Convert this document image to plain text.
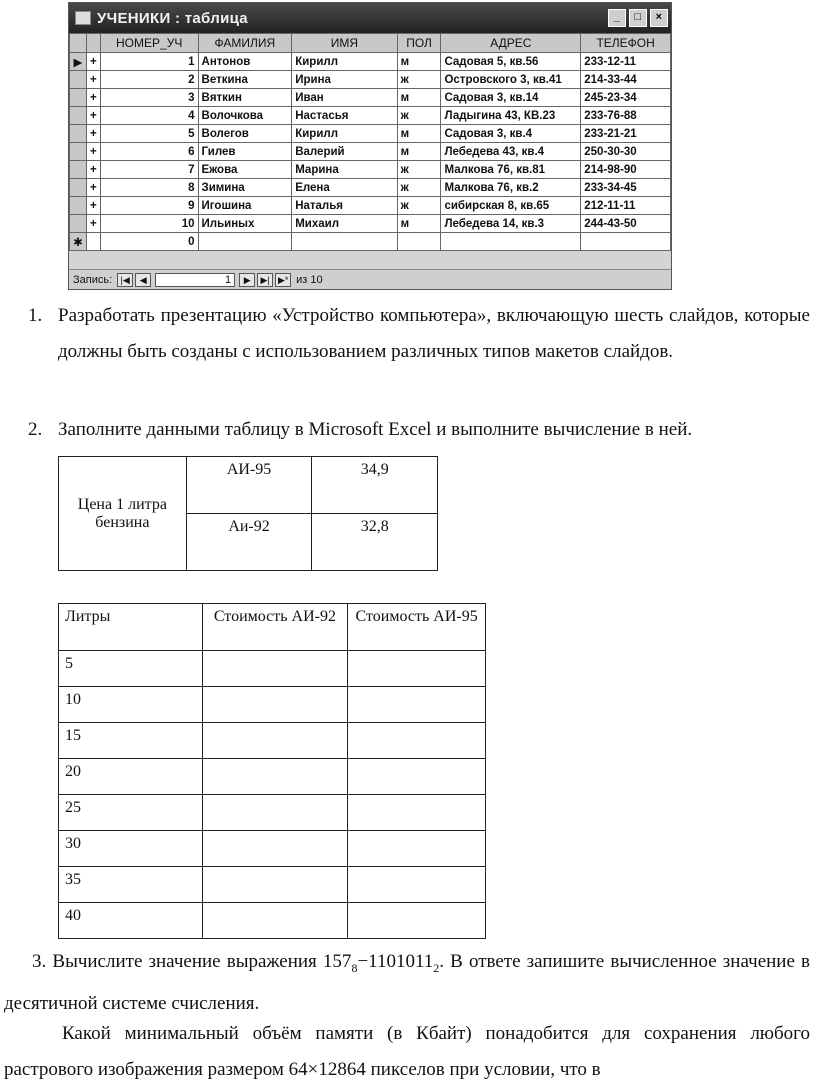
УЧЕНИКИ : таблица	_	□	×
		НОМЕР_УЧ	ФАМИЛИЯ	ИМЯ	ПОЛ	АДРЕС	ТЕЛЕФОН
▶	+	1	Антонов	Кирилл	м	Садовая 5, кв.56	233-12-11
	+	2	Веткина	Ирина	ж	Островского 3, кв.41	214-33-44
	+	3	Вяткин	Иван	м	Садовая 3, кв.14	245-23-34
	+	4	Волочкова	Настасья	ж	Ладыгина 43, КВ.23	233-76-88
	+	5	Волегов	Кирилл	м	Садовая 3, кв.4	233-21-21
	+	6	Гилев	Валерий	м	Лебедева 43, кв.4	250-30-30
	+	7	Ежова	Марина	ж	Малкова 76, кв.81	214-98-90
	+	8	Зимина	Елена	ж	Малкова 76, кв.2	233-34-45
	+	9	Игошина	Наталья	ж	сибирская 8, кв.65	212-11-11
	+	10	Ильиных	Михаил	м	Лебедева 14, кв.3	244-43-50
✱		0					
Запись: |◀	◀	1	▶	▶| ▶* из 10
1. Разработать презентацию «Устройство компьютера», включающую шесть слайдов, которые должны быть созданы с использованием различных типов макетов слайдов.
2. Заполните данными таблицу в Microsoft Excel и выполните вычисление в ней.
Цена 1 литра бензина	АИ-95	34,9
	Аи-92	32,8
Литры	Стоимость АИ-92	Стоимость АИ-95
5		
10		
15		
20		
25		
30		
35		
40		
3. Вычислите значение выражения $157_8-1101011_2$. В ответе запишите вычисленное значение в десятичной системе счисления.
Какой минимальный объём памяти (в Кбайт) понадобится для сохранения любого растрового изображения размером 64×12864 пикселов при условии, что в
